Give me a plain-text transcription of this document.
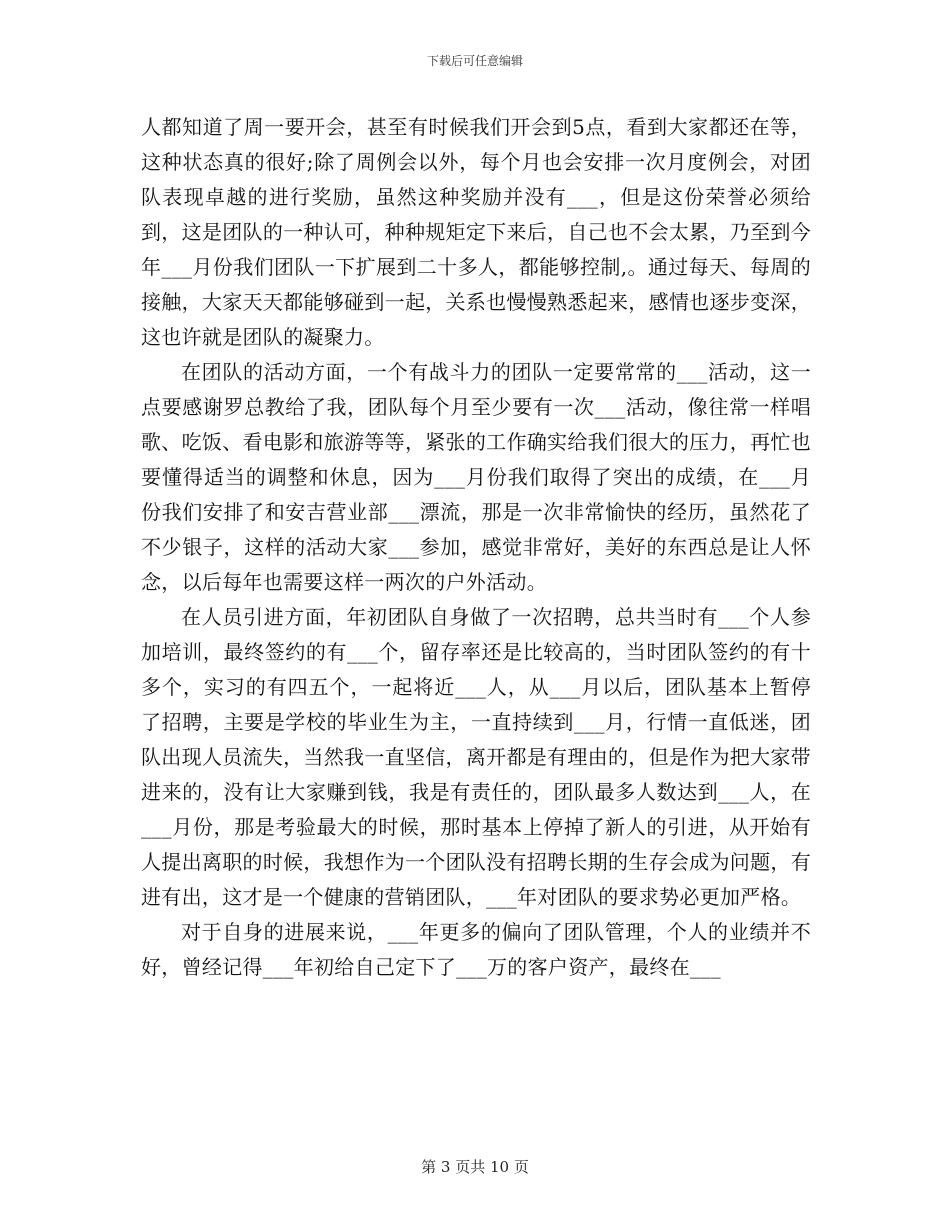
下载后可任意编辑

人都知道了周一要开会，甚至有时候我们开会到5点，看到大家都还在等，这种状态真的很好;除了周例会以外，每个月也会安排一次月度例会，对团队表现卓越的进行奖励，虽然这种奖励并没有___，但是这份荣誉必须给到，这是团队的一种认可，种种规矩定下来后，自己也不会太累，乃至到今年___月份我们团队一下扩展到二十多人，都能够控制,。通过每天、每周的接触，大家天天都能够碰到一起，关系也慢慢熟悉起来，感情也逐步变深，这也许就是团队的凝聚力。

在团队的活动方面，一个有战斗力的团队一定要常常的___活动，这一点要感谢罗总教给了我，团队每个月至少要有一次___活动，像往常一样唱歌、吃饭、看电影和旅游等等，紧张的工作确实给我们很大的压力，再忙也要懂得适当的调整和休息，因为___月份我们取得了突出的成绩，在___月份我们安排了和安吉营业部___漂流，那是一次非常愉快的经历，虽然花了不少银子，这样的活动大家___参加，感觉非常好，美好的东西总是让人怀念，以后每年也需要这样一两次的户外活动。

在人员引进方面，年初团队自身做了一次招聘，总共当时有___个人参加培训，最终签约的有___个，留存率还是比较高的，当时团队签约的有十多个，实习的有四五个，一起将近___人，从___月以后，团队基本上暂停了招聘，主要是学校的毕业生为主，一直持续到___月，行情一直低迷，团队出现人员流失，当然我一直坚信，离开都是有理由的，但是作为把大家带进来的，没有让大家赚到钱，我是有责任的，团队最多人数达到___人，在___月份，那是考验最大的时候，那时基本上停掉了新人的引进，从开始有人提出离职的时候，我想作为一个团队没有招聘长期的生存会成为问题，有进有出，这才是一个健康的营销团队，___年对团队的要求势必更加严格。

对于自身的进展来说，___年更多的偏向了团队管理，个人的业绩并不好，曾经记得___年初给自己定下了___万的客户资产，最终在___

第 3 页共 10 页
